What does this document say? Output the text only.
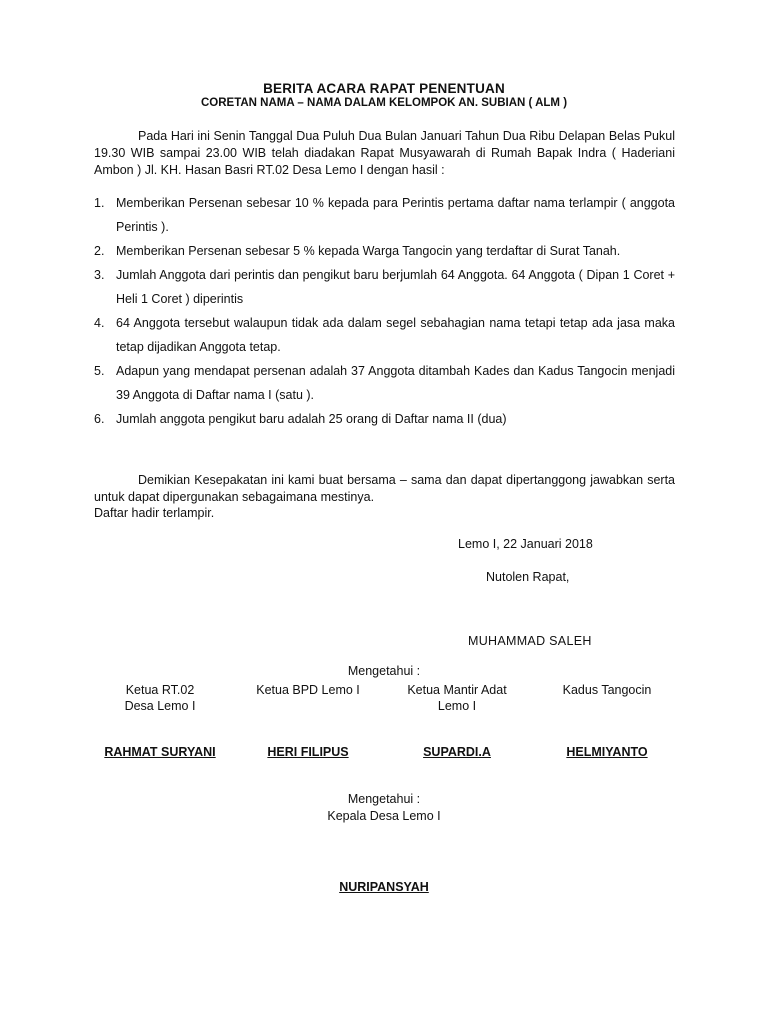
BERITA ACARA RAPAT PENENTUAN
CORETAN NAMA – NAMA DALAM KELOMPOK AN. SUBIAN ( ALM )
Pada Hari ini Senin Tanggal Dua Puluh Dua Bulan Januari Tahun Dua Ribu Delapan Belas Pukul 19.30 WIB sampai 23.00 WIB telah diadakan Rapat Musyawarah di Rumah Bapak Indra ( Haderiani Ambon ) Jl. KH. Hasan Basri RT.02 Desa Lemo I dengan hasil :
1. Memberikan Persenan sebesar 10 % kepada para Perintis pertama daftar nama terlampir ( anggota Perintis ).
2. Memberikan Persenan sebesar 5 % kepada Warga Tangocin yang terdaftar di Surat Tanah.
3. Jumlah Anggota dari perintis dan pengikut baru berjumlah 64 Anggota. 64 Anggota ( Dipan 1 Coret + Heli 1 Coret ) diperintis
4. 64 Anggota tersebut walaupun tidak ada dalam segel sebahagian nama tetapi tetap ada jasa maka tetap dijadikan Anggota tetap.
5. Adapun yang mendapat persenan adalah 37 Anggota ditambah Kades dan Kadus Tangocin menjadi 39 Anggota di Daftar nama I (satu ).
6. Jumlah anggota pengikut baru adalah 25 orang di Daftar nama II (dua)
Demikian Kesepakatan ini kami buat bersama – sama dan dapat dipertanggong jawabkan serta untuk dapat dipergunakan sebagaimana mestinya.
Daftar hadir terlampir.
Lemo I, 22 Januari 2018
Nutolen Rapat,
MUHAMMAD SALEH
Mengetahui :
Ketua RT.02
Desa Lemo I
RAHMAT SURYANI
Ketua BPD Lemo I
HERI FILIPUS
Ketua Mantir Adat
Lemo I
SUPARDI.A
Kadus Tangocin
HELMIYANTO
Mengetahui :
Kepala Desa Lemo I
NURIPANSYAH
